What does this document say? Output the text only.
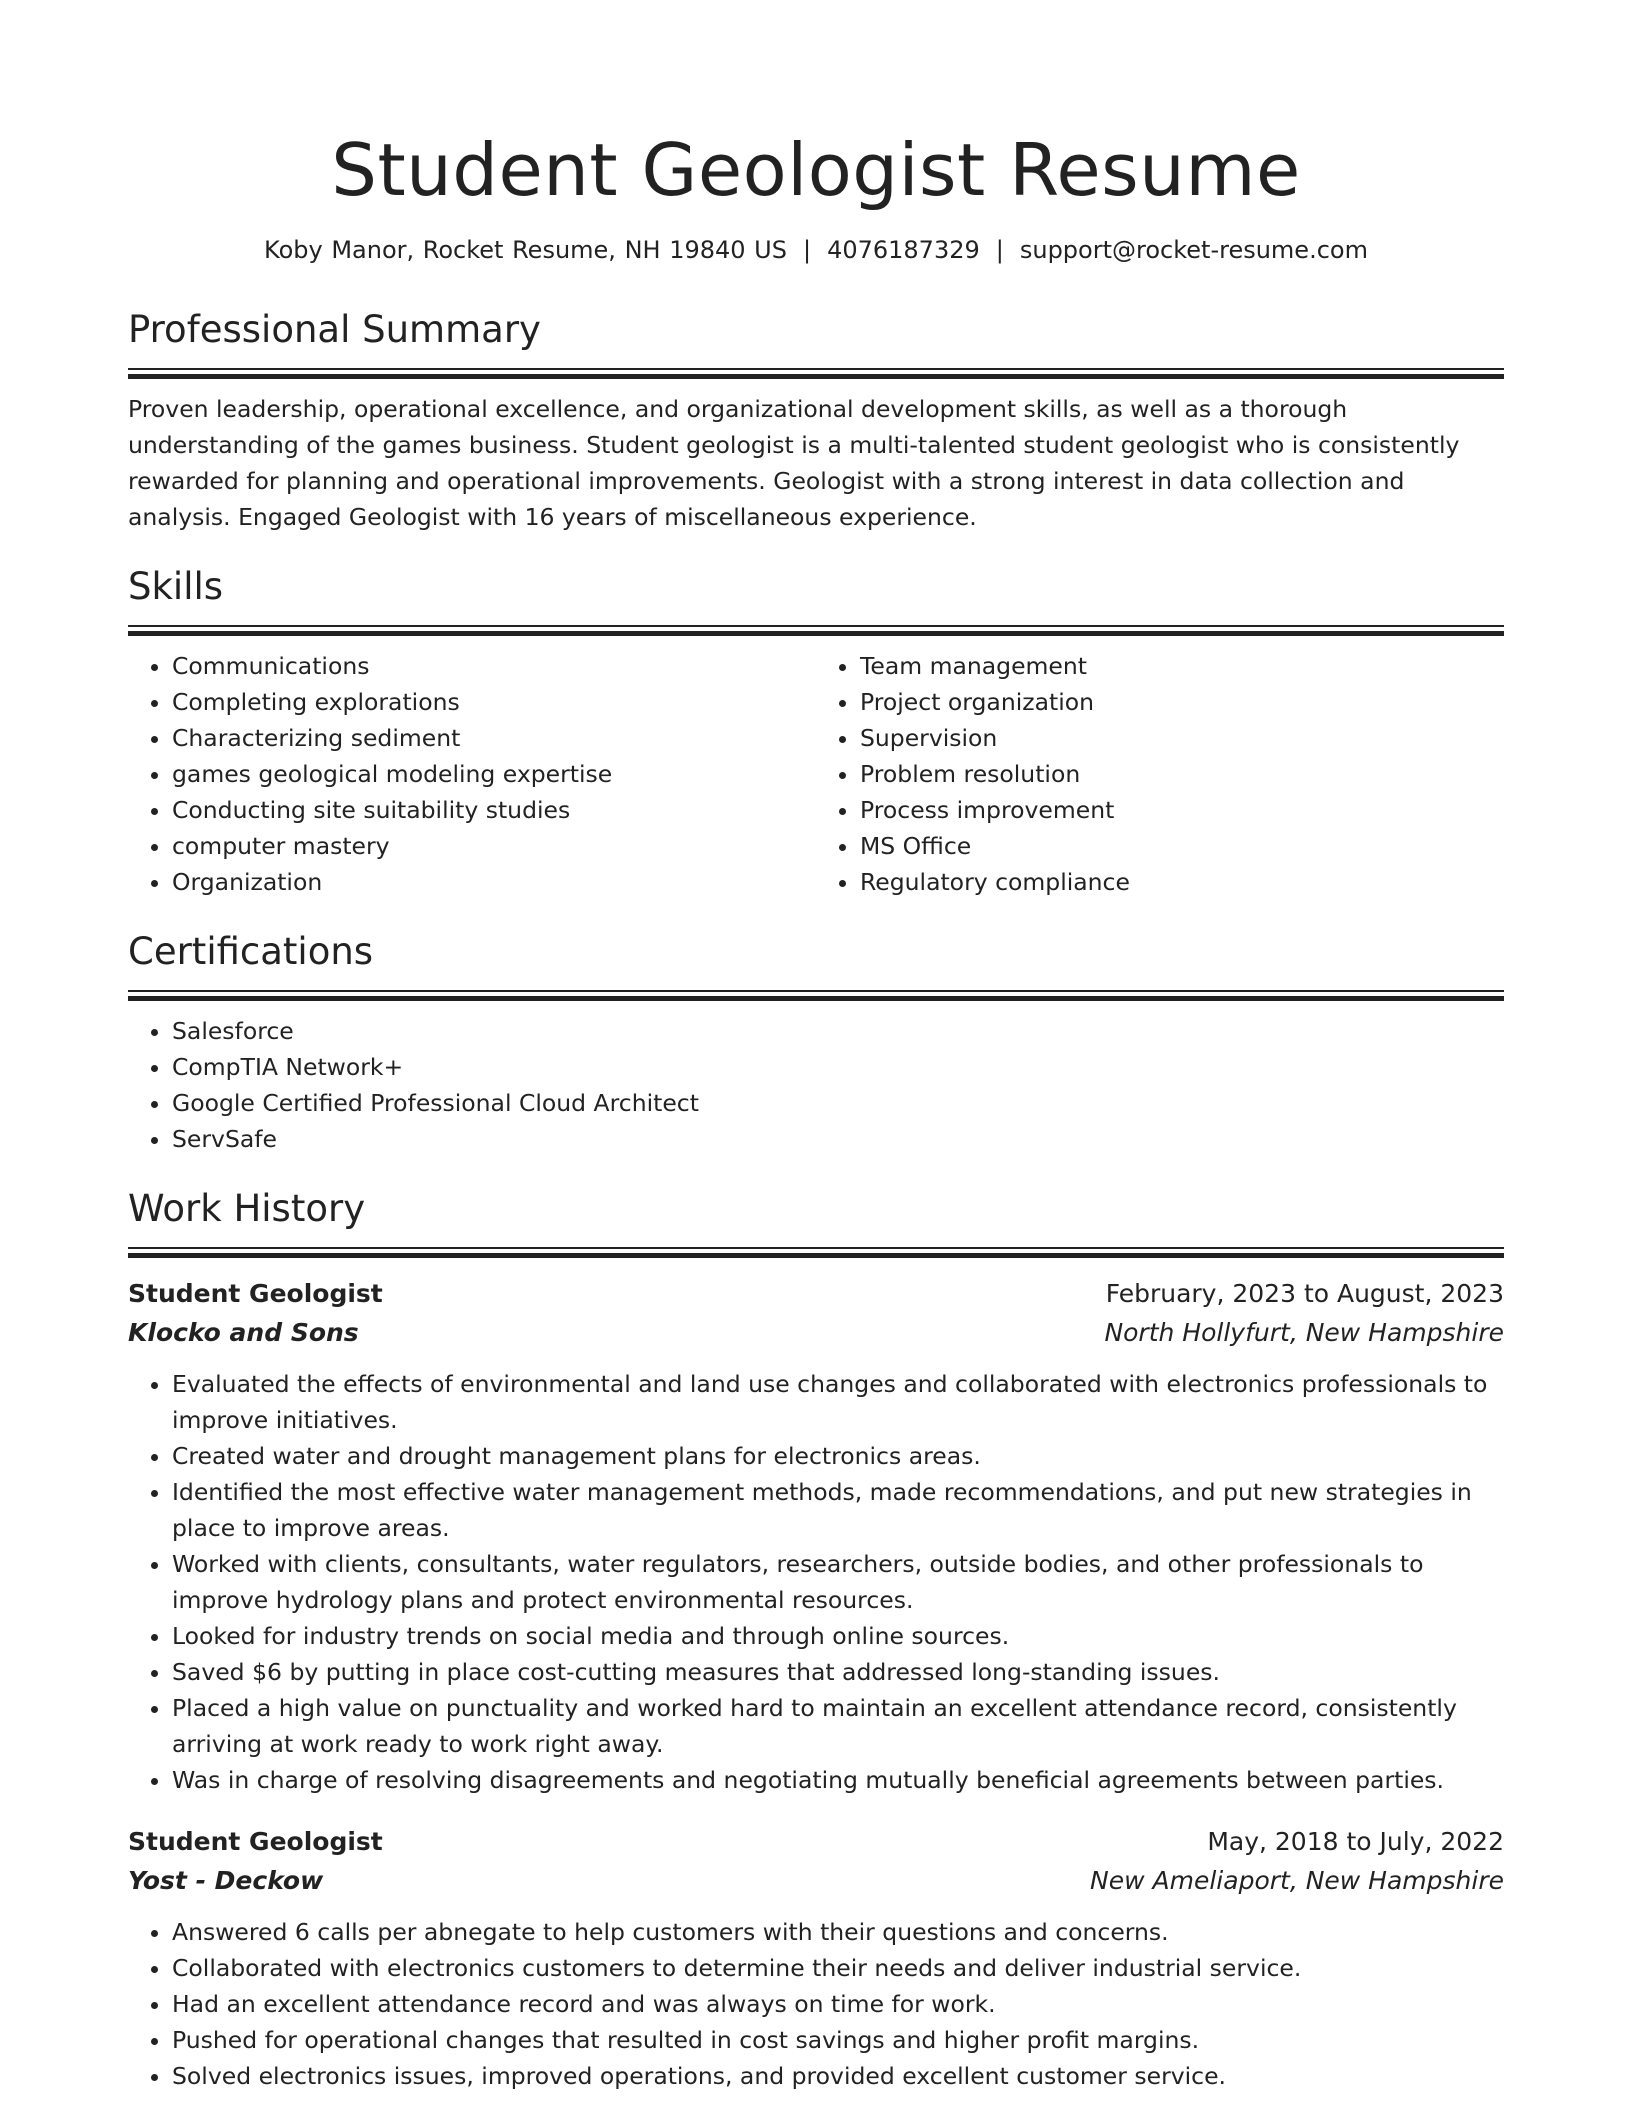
Student Geologist Resume
Koby Manor, Rocket Resume, NH 19840 US | 4076187329 | support@rocket-resume.com
Professional Summary

Proven leadership, operational excellence, and organizational development skills, as well as a thorough understanding of the games business. Student geologist is a multi-talented student geologist who is consistently rewarded for planning and operational improvements. Geologist with a strong interest in data collection and analysis. Engaged Geologist with 16 years of miscellaneous experience.

Skills
• Communications
• Completing explorations
• Characterizing sediment
• games geological modeling expertise
• Conducting site suitability studies
• computer mastery
• Organization
• Team management
• Project organization
• Supervision
• Problem resolution
• Process improvement
• MS Office
• Regulatory compliance
Certifications
• Salesforce
• CompTIA Network+
• Google Certified Professional Cloud Architect
• ServSafe
Work History
Student Geologist	February, 2023 to August, 2023
Klocko and Sons	North Hollyfurt, New Hampshire
• Evaluated the effects of environmental and land use changes and collaborated with electronics professionals to improve initiatives.
• Created water and drought management plans for electronics areas.
• Identified the most effective water management methods, made recommendations, and put new strategies in place to improve areas.
• Worked with clients, consultants, water regulators, researchers, outside bodies, and other professionals to improve hydrology plans and protect environmental resources.
• Looked for industry trends on social media and through online sources.
• Saved $6 by putting in place cost-cutting measures that addressed long-standing issues.
• Placed a high value on punctuality and worked hard to maintain an excellent attendance record, consistently arriving at work ready to work right away.
• Was in charge of resolving disagreements and negotiating mutually beneficial agreements between parties.
Student Geologist	May, 2018 to July, 2022
Yost - Deckow	New Ameliaport, New Hampshire
• Answered 6 calls per abnegate to help customers with their questions and concerns.
• Collaborated with electronics customers to determine their needs and deliver industrial service.
• Had an excellent attendance record and was always on time for work.
• Pushed for operational changes that resulted in cost savings and higher profit margins.
• Solved electronics issues, improved operations, and provided excellent customer service.
